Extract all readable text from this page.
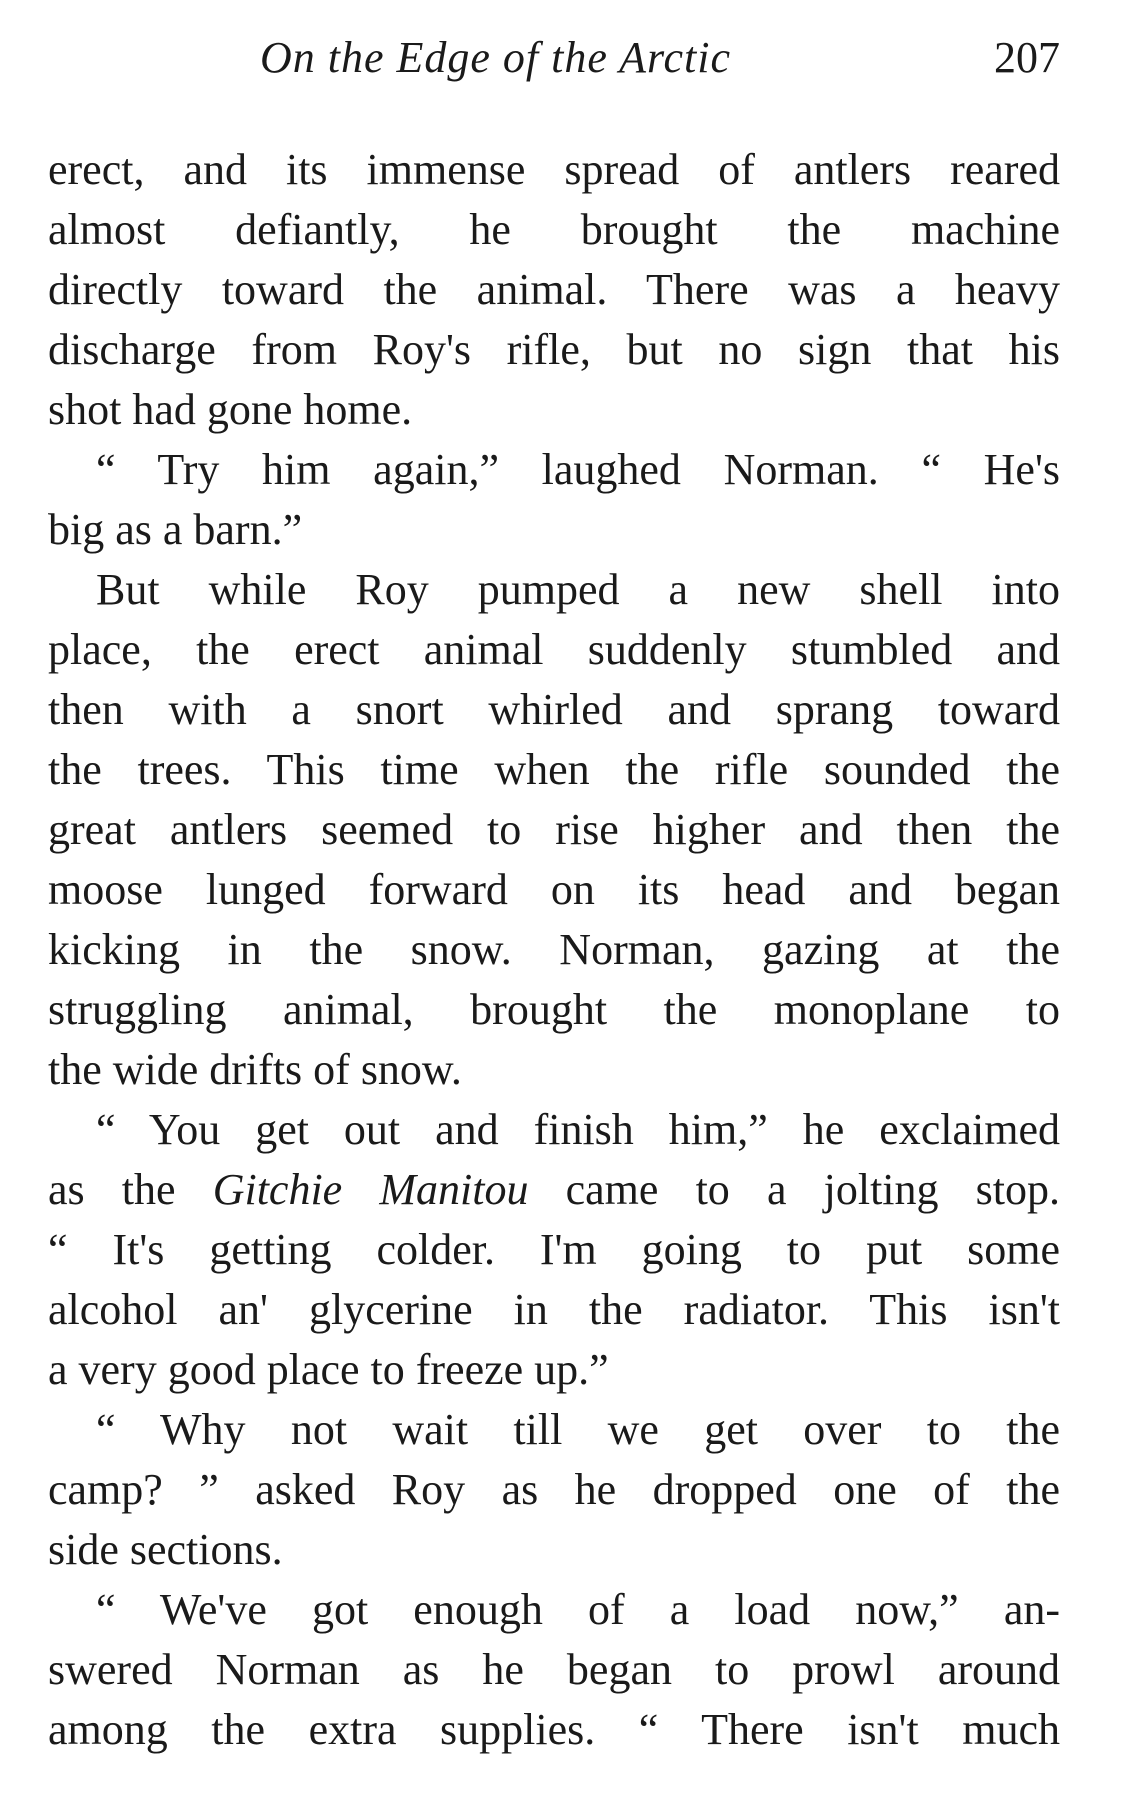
On the Edge of the Arctic	207
erect, and its immense spread of antlers reared
almost defiantly, he brought the machine
directly toward the animal. There was a heavy
discharge from Roy's rifle, but no sign that his
shot had gone home.
“ Try him again,” laughed Norman. “ He's
big as a barn.”
But while Roy pumped a new shell into
place, the erect animal suddenly stumbled and
then with a snort whirled and sprang toward
the trees. This time when the rifle sounded the
great antlers seemed to rise higher and then the
moose lunged forward on its head and began
kicking in the snow. Norman, gazing at the
struggling animal, brought the monoplane to
the wide drifts of snow.
“ You get out and finish him,” he exclaimed
as the Gitchie Manitou came to a jolting stop.
“ It's getting colder. I'm going to put some
alcohol an' glycerine in the radiator. This isn't
a very good place to freeze up.”
“ Why not wait till we get over to the
camp? ” asked Roy as he dropped one of the
side sections.
“ We've got enough of a load now,” an-
swered Norman as he began to prowl around
among the extra supplies. “ There isn't much
